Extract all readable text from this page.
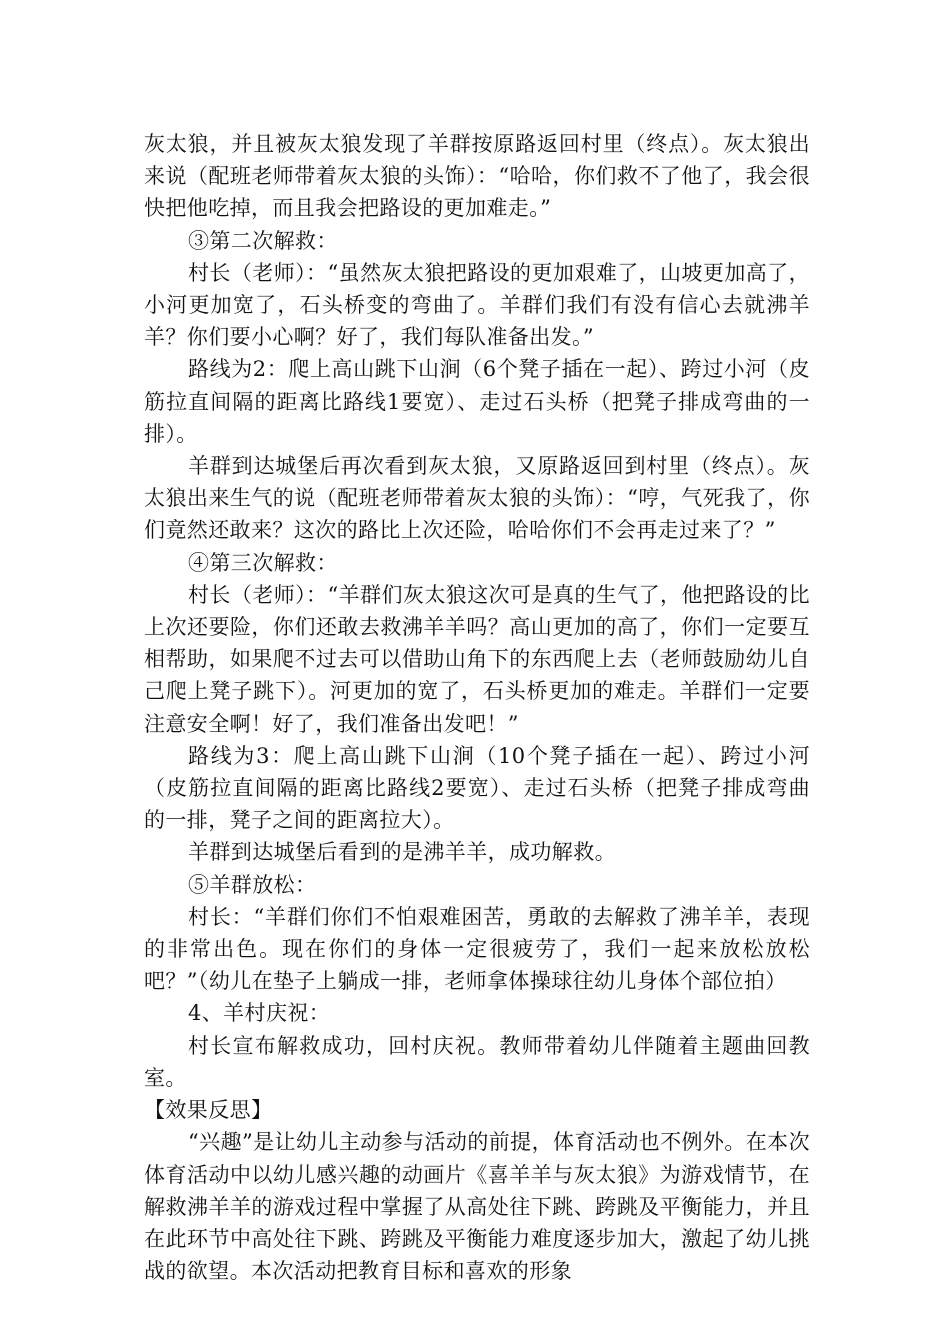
灰太狼，并且被灰太狼发现了羊群按原路返回村里（终点）。灰太狼出来说（配班老师带着灰太狼的头饰）：“哈哈，你们救不了他了，我会很快把他吃掉，而且我会把路设的更加难走。”

③第二次解救：

村长（老师）：“虽然灰太狼把路设的更加艰难了，山坡更加高了，小河更加宽了，石头桥变的弯曲了。羊群们我们有没有信心去就沸羊羊？你们要小心啊？好了，我们每队准备出发。”

路线为2：爬上高山跳下山涧（6个凳子插在一起）、跨过小河（皮筋拉直间隔的距离比路线1要宽）、走过石头桥（把凳子排成弯曲的一排）。

羊群到达城堡后再次看到灰太狼，又原路返回到村里（终点）。灰太狼出来生气的说（配班老师带着灰太狼的头饰）：“哼，气死我了，你们竟然还敢来？这次的路比上次还险，哈哈你们不会再走过来了？”

④第三次解救：

村长（老师）：“羊群们灰太狼这次可是真的生气了，他把路设的比上次还要险，你们还敢去救沸羊羊吗？高山更加的高了，你们一定要互相帮助，如果爬不过去可以借助山角下的东西爬上去（老师鼓励幼儿自己爬上凳子跳下）。河更加的宽了，石头桥更加的难走。羊群们一定要注意安全啊！好了，我们准备出发吧！”

路线为3：爬上高山跳下山涧（10个凳子插在一起）、跨过小河（皮筋拉直间隔的距离比路线2要宽）、走过石头桥（把凳子排成弯曲的一排，凳子之间的距离拉大）。

羊群到达城堡后看到的是沸羊羊，成功解救。

⑤羊群放松：

村长：“羊群们你们不怕艰难困苦，勇敢的去解救了沸羊羊，表现的非常出色。现在你们的身体一定很疲劳了，我们一起来放松放松吧？”（幼儿在垫子上躺成一排，老师拿体操球往幼儿身体个部位拍）

4、羊村庆祝：

村长宣布解救成功，回村庆祝。教师带着幼儿伴随着主题曲回教室。

【效果反思】

“兴趣”是让幼儿主动参与活动的前提，体育活动也不例外。在本次体育活动中以幼儿感兴趣的动画片《喜羊羊与灰太狼》为游戏情节，在解救沸羊羊的游戏过程中掌握了从高处往下跳、跨跳及平衡能力，并且在此环节中高处往下跳、跨跳及平衡能力难度逐步加大，激起了幼儿挑战的欲望。本次活动把教育目标和喜欢的形象
